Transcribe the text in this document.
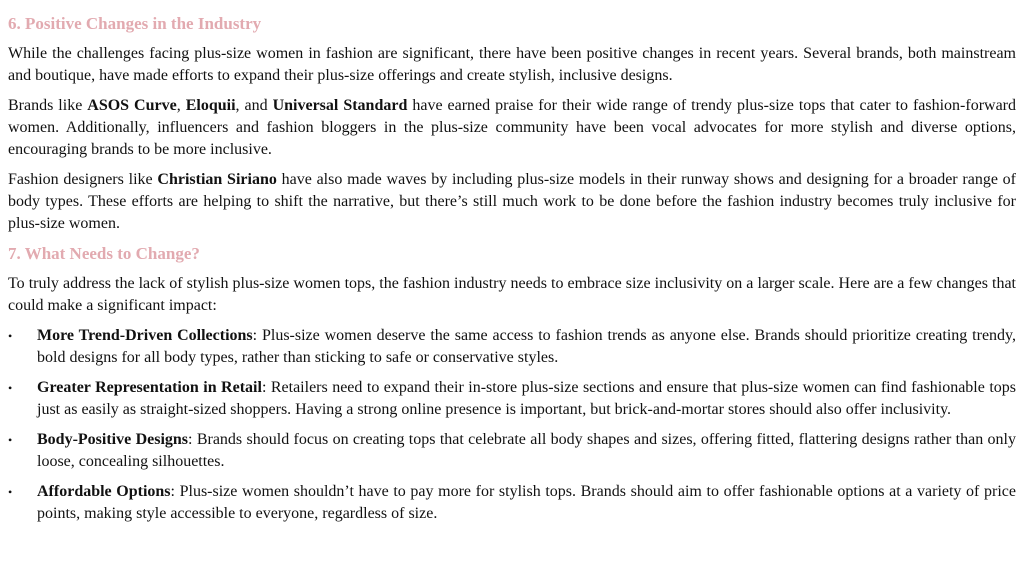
6. Positive Changes in the Industry

While the challenges facing plus-size women in fashion are significant, there have been positive changes in recent years. Several brands, both mainstream and boutique, have made efforts to expand their plus-size offerings and create stylish, inclusive designs.

Brands like ASOS Curve, Eloquii, and Universal Standard have earned praise for their wide range of trendy plus-size tops that cater to fashion-forward women. Additionally, influencers and fashion bloggers in the plus-size community have been vocal advocates for more stylish and diverse options, encouraging brands to be more inclusive.

Fashion designers like Christian Siriano have also made waves by including plus-size models in their runway shows and designing for a broader range of body types. These efforts are helping to shift the narrative, but there’s still much work to be done before the fashion industry becomes truly inclusive for plus-size women.

7. What Needs to Change?

To truly address the lack of stylish plus-size women tops, the fashion industry needs to embrace size inclusivity on a larger scale. Here are a few changes that could make a significant impact:

• More Trend-Driven Collections: Plus-size women deserve the same access to fashion trends as anyone else. Brands should prioritize creating trendy, bold designs for all body types, rather than sticking to safe or conservative styles.
• Greater Representation in Retail: Retailers need to expand their in-store plus-size sections and ensure that plus-size women can find fashionable tops just as easily as straight-sized shoppers. Having a strong online presence is important, but brick-and-mortar stores should also offer inclusivity.
• Body-Positive Designs: Brands should focus on creating tops that celebrate all body shapes and sizes, offering fitted, flattering designs rather than only loose, concealing silhouettes.
• Affordable Options: Plus-size women shouldn’t have to pay more for stylish tops. Brands should aim to offer fashionable options at a variety of price points, making style accessible to everyone, regardless of size.
